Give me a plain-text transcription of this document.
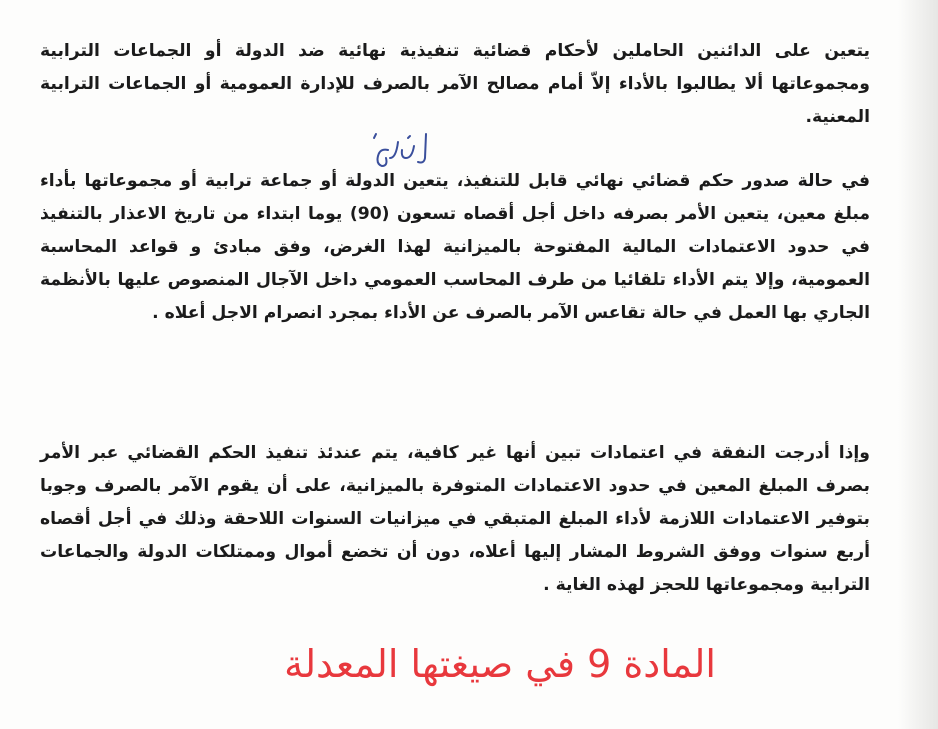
يتعين على الدائنين الحاملين لأحكام قضائية تنفيذية نهائية ضد الدولة أو الجماعات الترابية ومجموعاتها ألا يطالبوا بالأداء إلاّ أمام مصالح الآمر بالصرف للإدارة العمومية أو الجماعات الترابية المعنية.

في حالة صدور حكم قضائي نهائي قابل للتنفيذ، يتعين الدولة أو جماعة ترابية أو مجموعاتها بأداء مبلغ معين، يتعين الأمر بصرفه داخل أجل أقصاه تسعون (90) يوما ابتداء من تاريخ الاعذار بالتنفيذ في حدود الاعتمادات المالية المفتوحة بالميزانية لهذا الغرض، وفق مبادئ و قواعد المحاسبة العمومية، وإلا يتم الأداء تلقائيا من طرف المحاسب العمومي داخل الآجال المنصوص عليها بالأنظمة الجاري بها العمل في حالة تقاعس الآمر بالصرف عن الأداء بمجرد انصرام الاجل أعلاه .

وإذا أدرجت النفقة في اعتمادات تبين أنها غير كافية، يتم عندئذ تنفيذ الحكم القضائي عبر الأمر بصرف المبلغ المعين في حدود الاعتمادات المتوفرة بالميزانية، على أن يقوم الآمر بالصرف وجوبا بتوفير الاعتمادات اللازمة لأداء المبلغ المتبقي في ميزانيات السنوات اللاحقة وذلك في أجل أقصاه أربع سنوات ووفق الشروط المشار إليها أعلاه، دون أن تخضع أموال وممتلكات الدولة والجماعات الترابية ومجموعاتها للحجز لهذه الغاية .

المادة 9 في صيغتها المعدلة
